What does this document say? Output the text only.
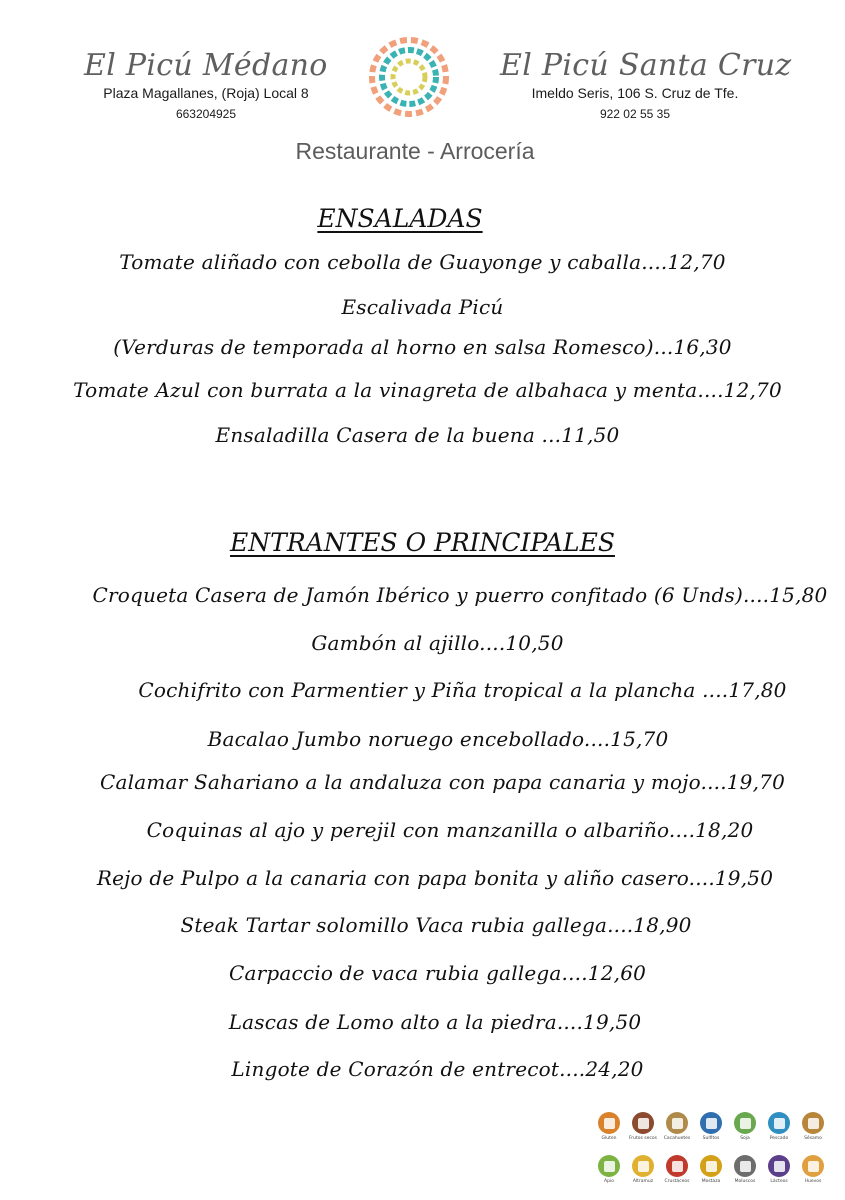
El Picú Médano
Plaza Magallanes, (Roja) Local 8
663204925
El Picú Santa Cruz
Imeldo Seris, 106 S. Cruz de Tfe.
922 02 55 35
Restaurante - Arrocería
ENSALADAS
Tomate aliñado con cebolla de Guayonge y caballa....12,70
Escalivada Picú
(Verduras de temporada al horno en salsa Romesco)...16,30
Tomate Azul con burrata a la vinagreta de albahaca y menta....12,70
Ensaladilla Casera de la buena ...11,50
ENTRANTES O PRINCIPALES
Croqueta Casera de Jamón Ibérico y puerro confitado (6 Unds)....15,80
Gambón al ajillo....10,50
Cochifrito con Parmentier y Piña tropical a la plancha ....17,80
Bacalao Jumbo noruego encebollado....15,70
Calamar Sahariano a la andaluza con papa canaria y mojo....19,70
Coquinas al ajo y perejil con manzanilla o albariño....18,20
Rejo de Pulpo a la canaria con papa bonita y aliño casero....19,50
Steak Tartar solomillo Vaca rubia gallega....18,90
Carpaccio de vaca rubia gallega....12,60
Lascas de Lomo alto a la piedra....19,50
Lingote de Corazón de entrecot....24,20
Gluten	Frutos secos Cacahuetes	Sulfitos	Soja	Pescado	Sésamo
Apio	Altramuz	Crustáceos	Mostaza	Moluscos	Lácteos	Huevos
